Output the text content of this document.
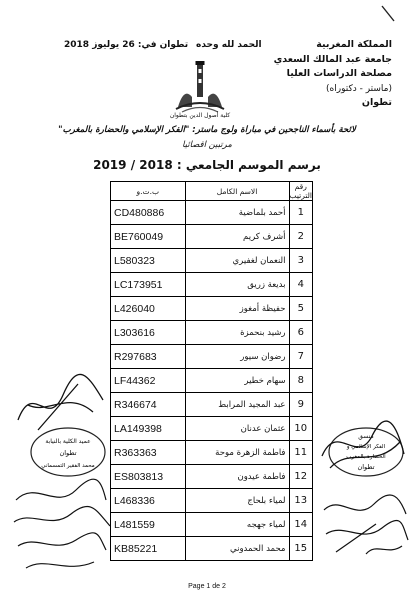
المملكة المغربية
جامعة عبد المالك السعدي
مصلحة الدراسات العليا
(ماستر - دكتوراه)
تطوان
الحمد لله وحده
تطوان في: 26 يوليوز 2018
كلية أصول الدين بتطوان
لائحة بأسماء الناجحين في مباراة ولوج ماستر: "الفكر الإسلامي والحضارة بالمغرب"
مرتبين اقصائيا
برسم الموسم الجامعي : 2018 / 2019
رقم الترتيب	الاسم الكامل	ب.ت.و
1	أحمد بلماضية	CD480886
2	أشرف كريم	BE760049
3	النعمان لغفيري	L580323
4	بديعة زريق	LC173951
5	حفيظة أمغوز	L426040
6	رشيد بنحمزة	L303616
7	رضوان سيور	R297683
8	سهام خطير	LF44362
9	عبد المجيد المرابط	R346674
10	عثمان عدنان	LA149398
11	فاطمة الزهرة موحة	R363363
12	فاطمة عيدون	ES803813
13	لمياء بلحاج	L468336
14	لمياء جهجه	L481559
15	محمد الحمدوني	KB85221
عميد الكلية بالنيابة
تطوان
محمد الفقير التمسماني
منسق
الفكر الإسلامي و
الحضارة بالمغرب
تطوان
Page 1 de 2
